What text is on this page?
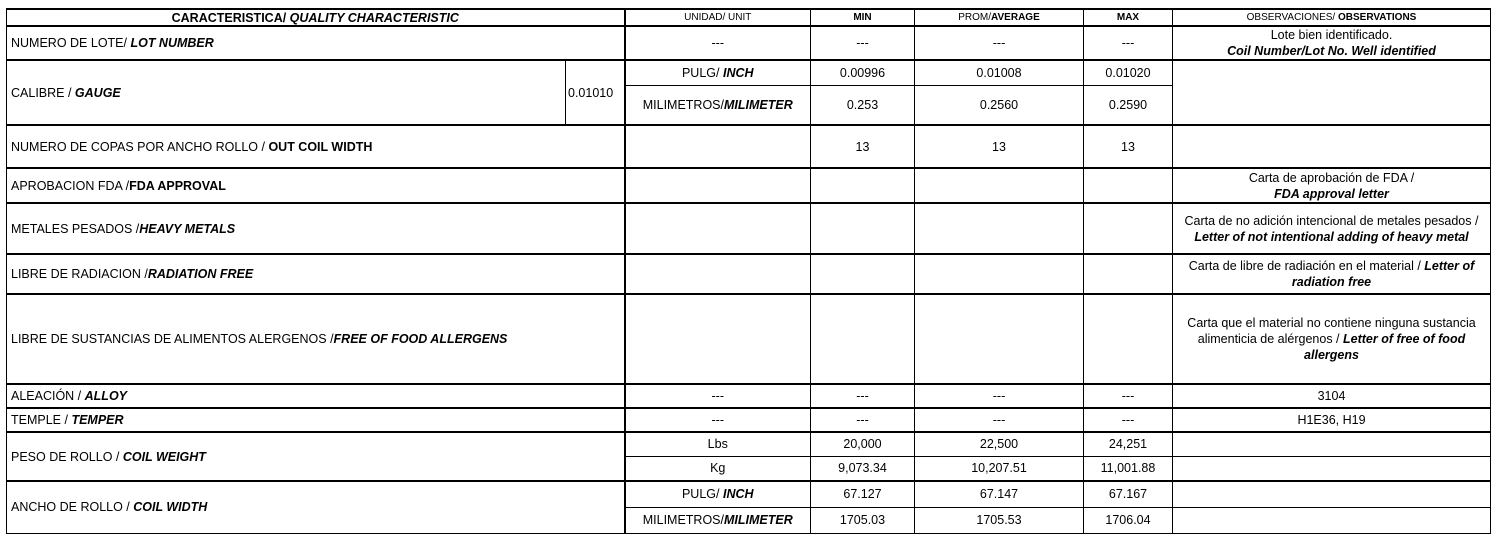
CARACTERISTICA/ QUALITY CHARACTERISTIC		UNIDAD/ UNIT	MIN	PROM/AVERAGE	MAX	OBSERVACIONES/ OBSERVATIONS
NUMERO DE LOTE/ LOT NUMBER		---	---	---	---	Lote bien identificado.
Coil Number/Lot No. Well identified
CALIBRE / GAUGE	0.01010	PULG/ INCH	0.00996	0.01008	0.01020	
		MILIMETROS/MILIMETER	0.253	0.2560	0.2590	
NUMERO DE COPAS POR ANCHO ROLLO / OUT COIL WIDTH			13	13	13	
APROBACION FDA /FDA APPROVAL						Carta de aprobación de FDA /
FDA approval letter
METALES PESADOS /HEAVY METALS						Carta de no adición intencional de metales pesados / Letter of not intentional adding of heavy metal
LIBRE DE RADIACION /RADIATION FREE						Carta de libre de radiación en el material / Letter of radiation free
LIBRE DE SUSTANCIAS DE ALIMENTOS ALERGENOS /FREE OF FOOD ALLERGENS						Carta que el material no contiene ninguna sustancia alimenticia de alérgenos / Letter of free of food allergens
ALEACIÓN / ALLOY		---	---	---	---	3104
TEMPLE / TEMPER		---	---	---	---	H1E36, H19
PESO DE ROLLO / COIL WEIGHT		Lbs	20,000	22,500	24,251	
		Kg	9,073.34	10,207.51	11,001.88	
ANCHO DE ROLLO / COIL WIDTH		PULG/ INCH	67.127	67.147	67.167	
		MILIMETROS/MILIMETER	1705.03	1705.53	1706.04	
